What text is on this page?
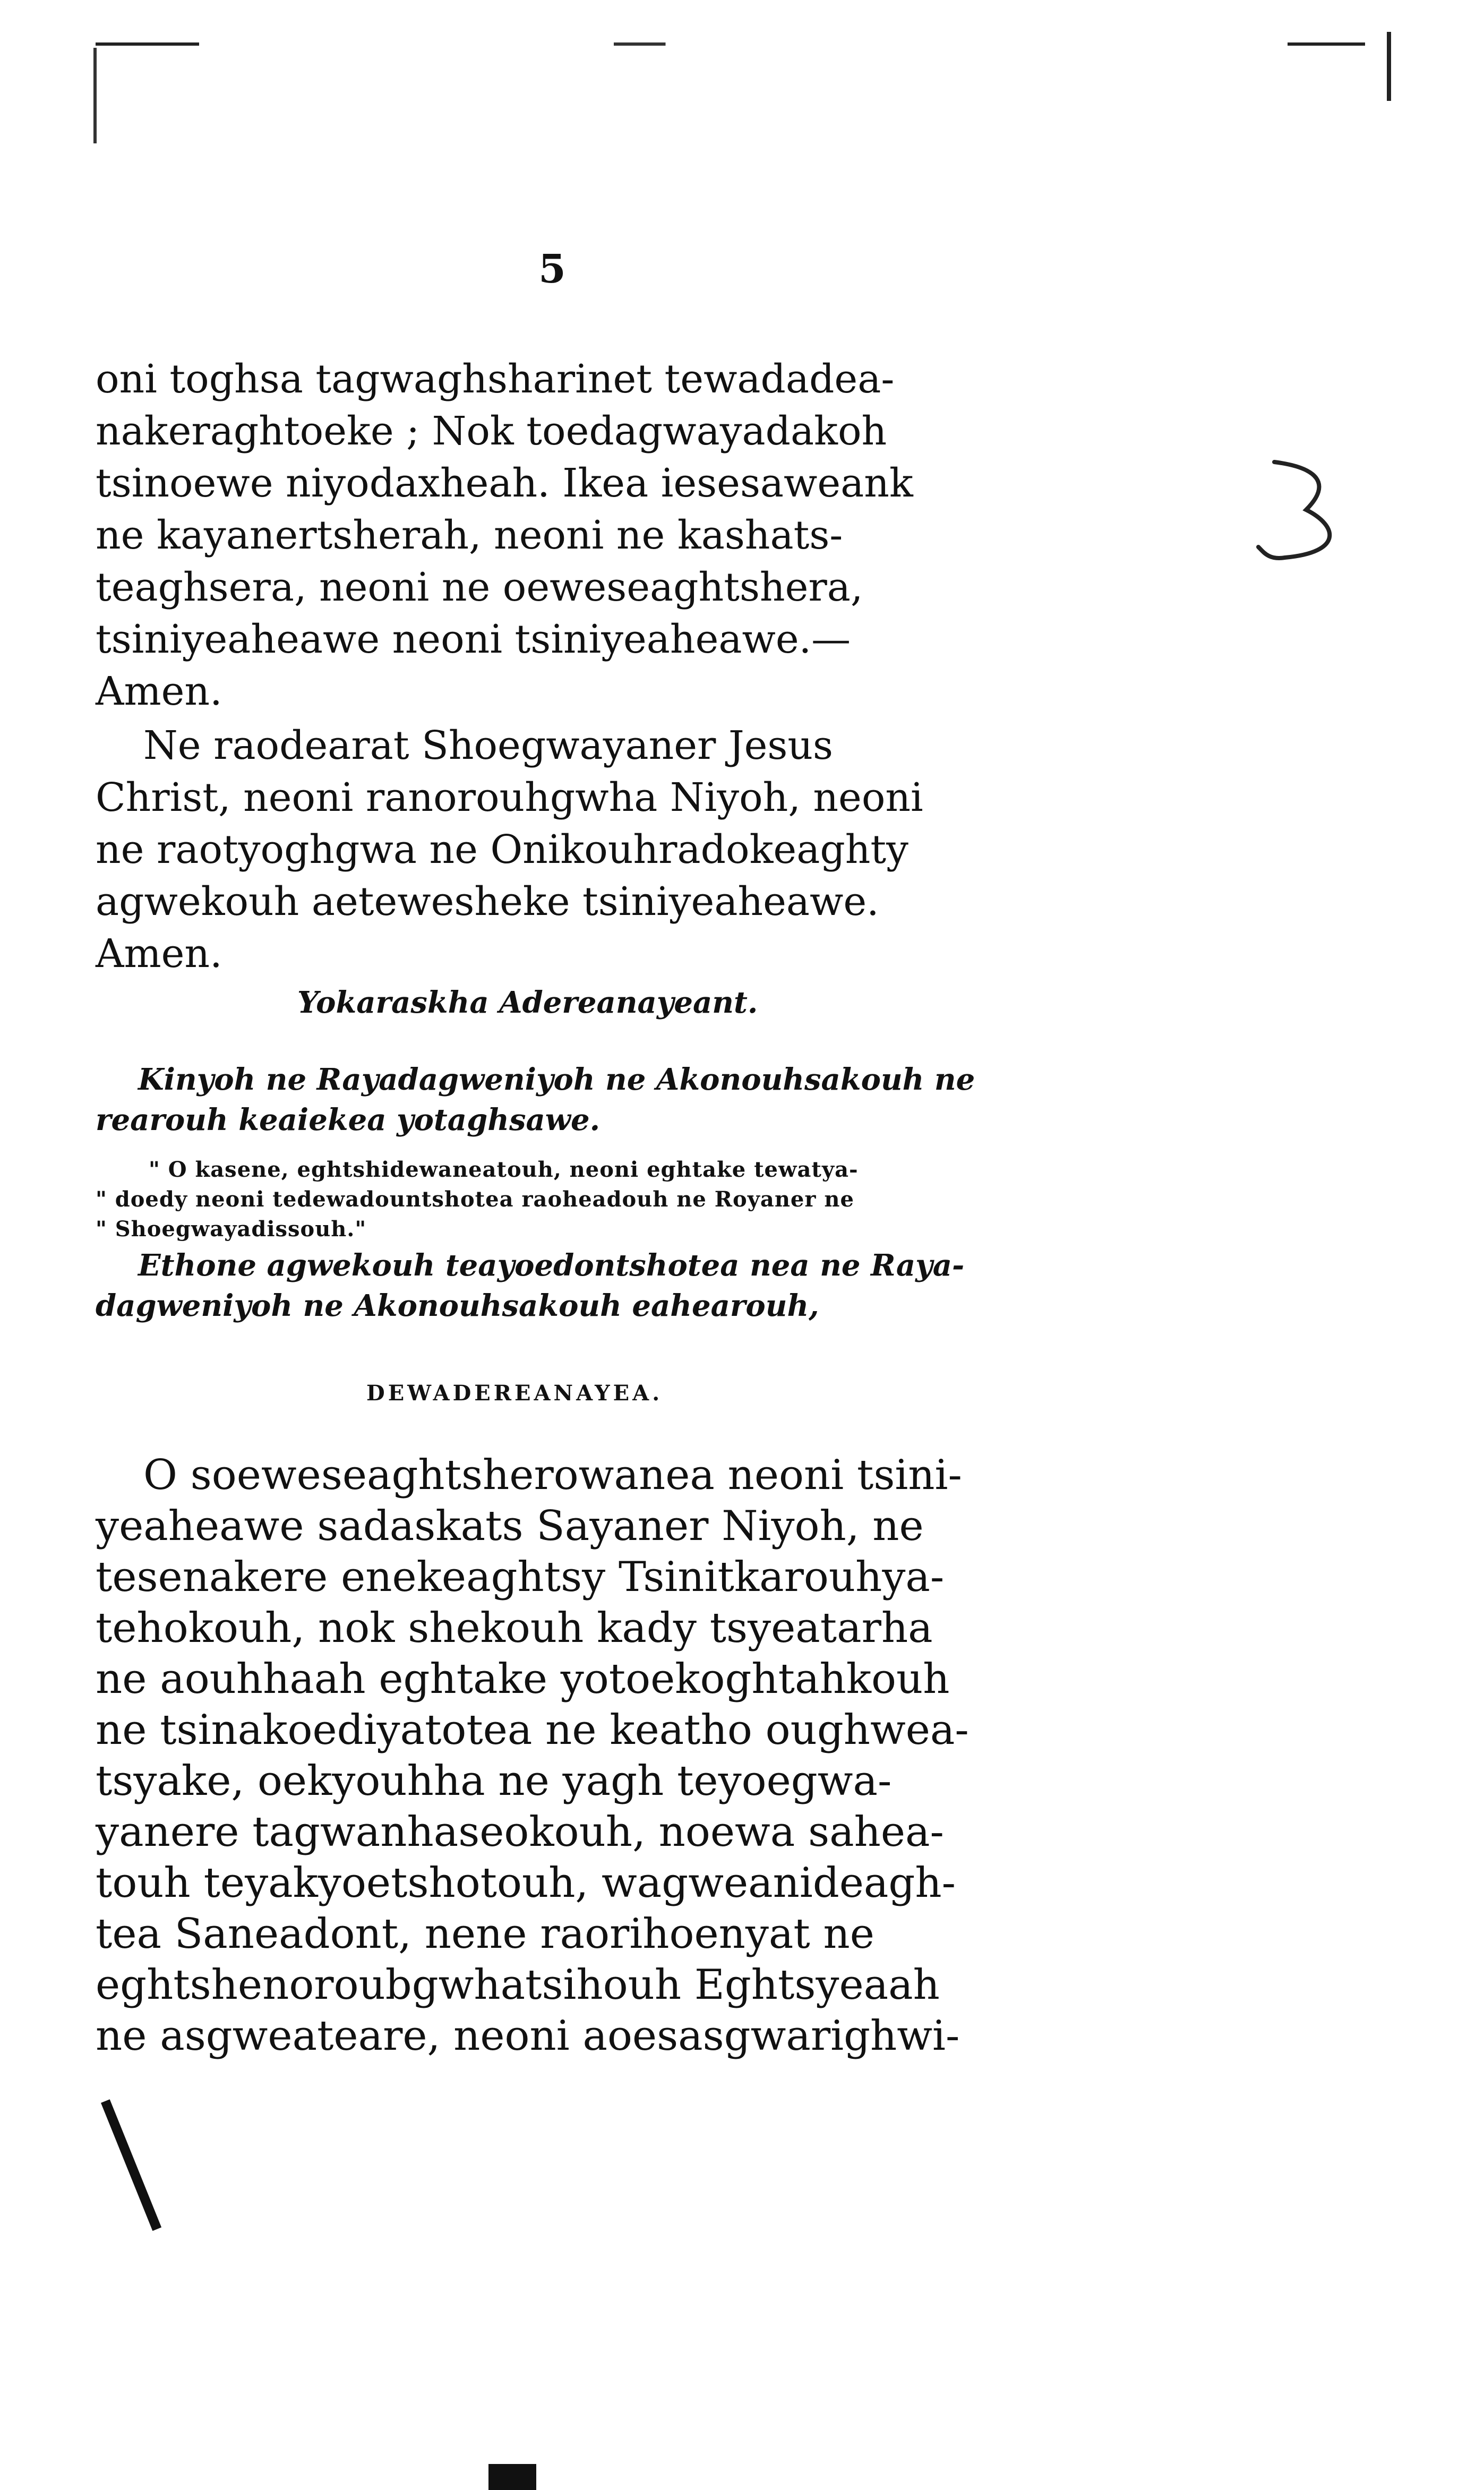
5
oni toghsa tagwaghsharinet tewadadea-
nakeraghtoeke ; Nok toedagwayadakoh
tsinoewe niyodaxheah. Ikea iesesaweank
ne kayanertsherah, neoni ne kashats-
teaghsera, neoni ne oeweseaghtshera,
tsiniyeaheawe neoni tsiniyeaheawe.—
Amen.
Ne raodearat Shoegwayaner Jesus
Christ, neoni ranorouhgwha Niyoh, neoni
ne raotyoghgwa ne Onikouhradokeaghty
agwekouh aetewesheke tsiniyeaheawe.
Amen.
Yokaraskha Adereanayeant.
Kinyoh ne Rayadagweniyoh ne Akonouhsakouh ne
rearouh keaiekea yotaghsawe.
" O kasene, eghtshidewaneatouh, neoni eghtake tewatya-
" doedy neoni tedewadountshotea raoheadouh ne Royaner ne
" Shoegwayadissouh."
Ethone agwekouh teayoedontshotea nea ne Raya-
dagweniyoh ne Akonouhsakouh eahearouh,
DEWADEREANAYEA.
O soeweseaghtsherowanea neoni tsini-
yeaheawe sadaskats Sayaner Niyoh, ne
tesenakere enekeaghtsy Tsinitkarouhya-
tehokouh, nok shekouh kady tsyeatarha
ne aouhhaah eghtake yotoekoghtahkouh
ne tsinakoediyatotea ne keatho oughwea-
tsyake, oekyouhha ne yagh teyoegwa-
yanere tagwanhaseokouh, noewa sahea-
touh teyakyoetshotouh, wagweanideagh-
tea Saneadont, nene raorihoenyat ne
eghtshenoroubgwhatsihouh Eghtsyeaah
ne asgweateare, neoni aoesasgwarighwi-
